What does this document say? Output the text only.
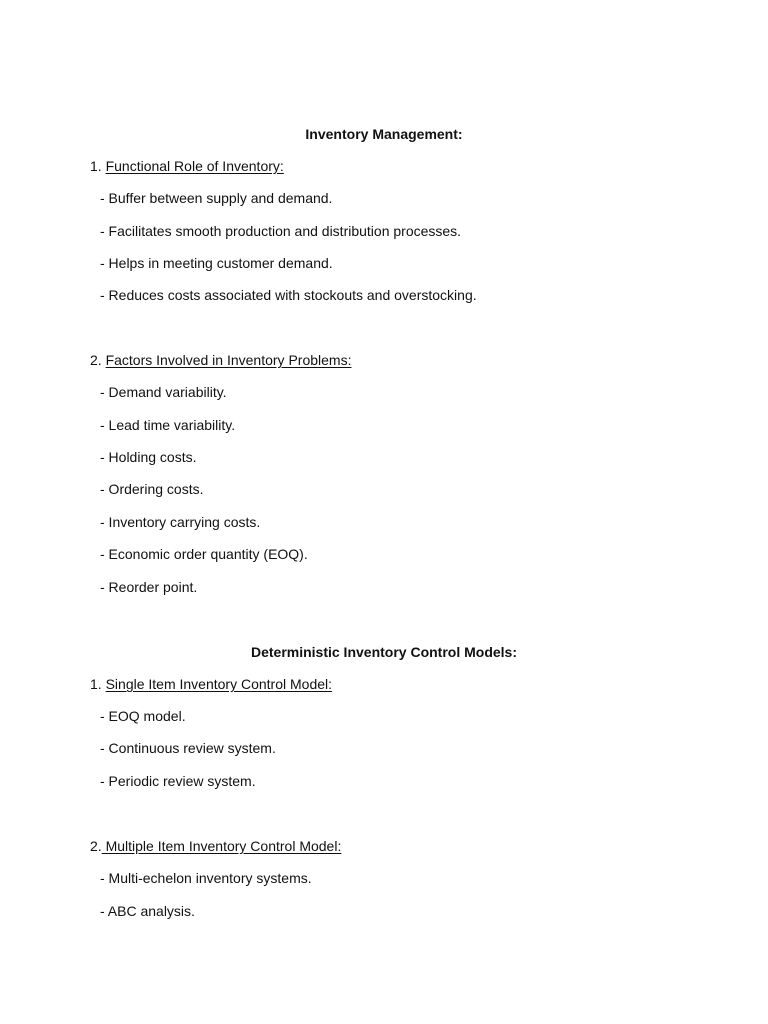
Inventory Management:
1. Functional Role of Inventory:
- Buffer between supply and demand.
- Facilitates smooth production and distribution processes.
- Helps in meeting customer demand.
- Reduces costs associated with stockouts and overstocking.
2. Factors Involved in Inventory Problems:
- Demand variability.
- Lead time variability.
- Holding costs.
- Ordering costs.
- Inventory carrying costs.
- Economic order quantity (EOQ).
- Reorder point.
Deterministic Inventory Control Models:
1. Single Item Inventory Control Model:
- EOQ model.
- Continuous review system.
- Periodic review system.
2. Multiple Item Inventory Control Model:
- Multi-echelon inventory systems.
- ABC analysis.
